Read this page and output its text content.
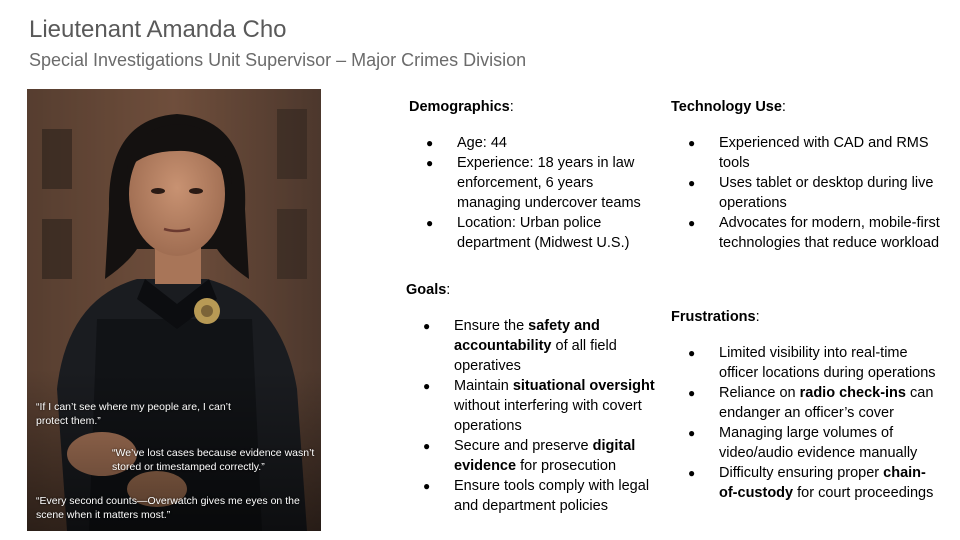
Lieutenant Amanda Cho
Special Investigations Unit Supervisor – Major Crimes Division
“If I can’t see where my people are, I can’t protect them.”
“We’ve lost cases because evidence wasn’t stored or timestamped correctly.”
“Every second counts—Overwatch gives me eyes on the scene when it matters most.”
Demographics:
● Age: 44
● Experience: 18 years in law enforcement, 6 years managing undercover teams
● Location: Urban police department (Midwest U.S.)
Goals:
● Ensure the safety and accountability of all field operatives
● Maintain situational oversight without interfering with covert operations
● Secure and preserve digital evidence for prosecution
● Ensure tools comply with legal and department policies
Technology Use:
● Experienced with CAD and RMS tools
● Uses tablet or desktop during live operations
● Advocates for modern, mobile-first technologies that reduce workload
Frustrations:
● Limited visibility into real-time officer locations during operations
● Reliance on radio check-ins can endanger an officer’s cover
● Managing large volumes of video/audio evidence manually
● Difficulty ensuring proper chain-of-custody for court proceedings
